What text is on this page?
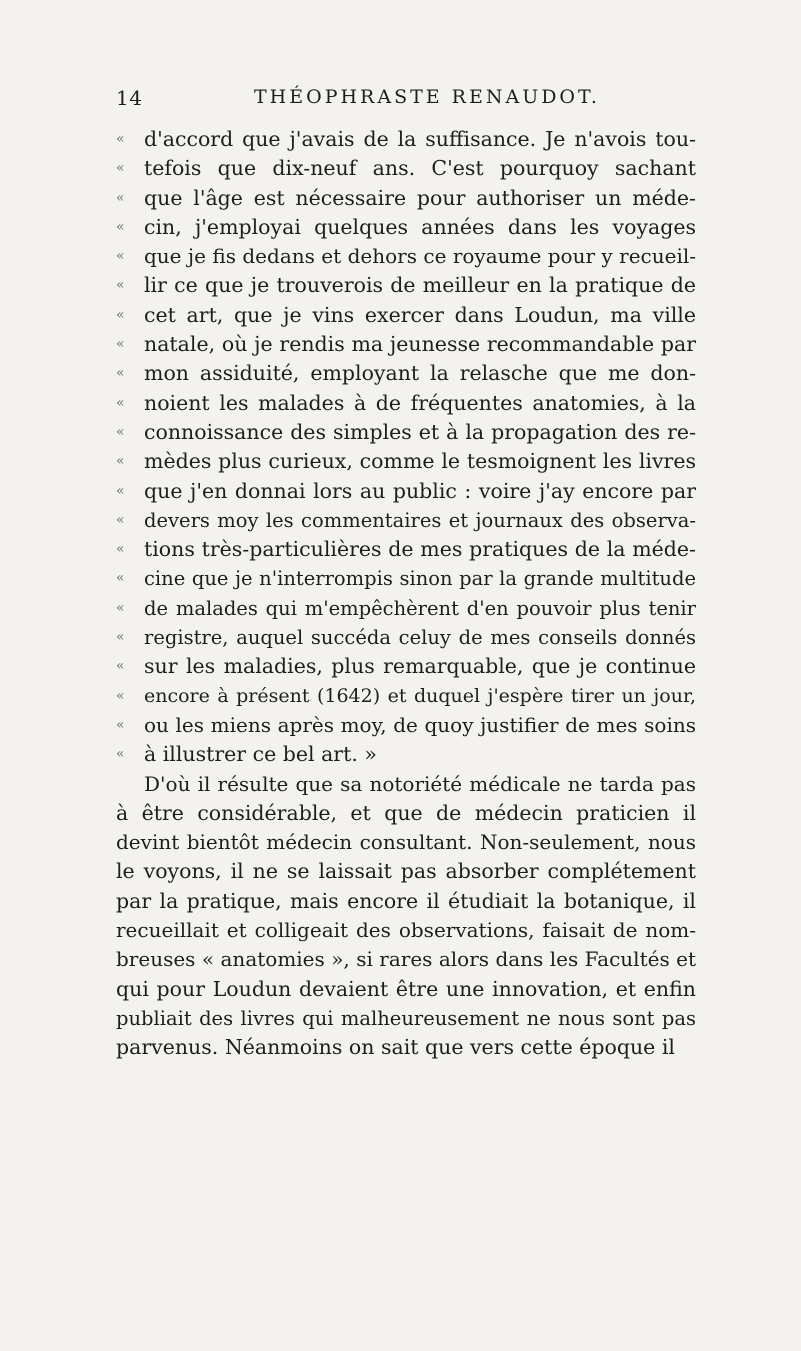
14	THÉOPHRASTE RENAUDOT.
« d'accord que j'avais de la suffisance. Je n'avois tou-
« tefois que dix-neuf ans. C'est pourquoy sachant
« que l'âge est nécessaire pour authoriser un méde-
« cin, j'employai quelques années dans les voyages
« que je fis dedans et dehors ce royaume pour y recueil-
« lir ce que je trouverois de meilleur en la pratique de
« cet art, que je vins exercer dans Loudun, ma ville
« natale, où je rendis ma jeunesse recommandable par
« mon assiduité, employant la relasche que me don-
« noient les malades à de fréquentes anatomies, à la
« connoissance des simples et à la propagation des re-
« mèdes plus curieux, comme le tesmoignent les livres
« que j'en donnai lors au public : voire j'ay encore par
« devers moy les commentaires et journaux des observa-
« tions très-particulières de mes pratiques de la méde-
« cine que je n'interrompis sinon par la grande multitude
« de malades qui m'empêchèrent d'en pouvoir plus tenir
« registre, auquel succéda celuy de mes conseils donnés
« sur les maladies, plus remarquable, que je continue
«	encore à présent (1642) et duquel j'espère tirer un jour,
« ou les miens après moy, de quoy justifier de mes soins
« à illustrer ce bel art. »
D'où il résulte que sa notoriété médicale ne tarda pas
à être considérable, et que de médecin praticien il
devint bientôt médecin consultant. Non-seulement, nous
le voyons, il ne se laissait pas absorber complétement
par la pratique, mais encore il étudiait la botanique, il
recueillait et colligeait des observations, faisait de nom-
breuses « anatomies », si rares alors dans les Facultés et
qui pour Loudun devaient être une innovation, et enfin
publiait des livres qui malheureusement ne nous sont pas
parvenus. Néanmoins on sait que vers cette époque il
